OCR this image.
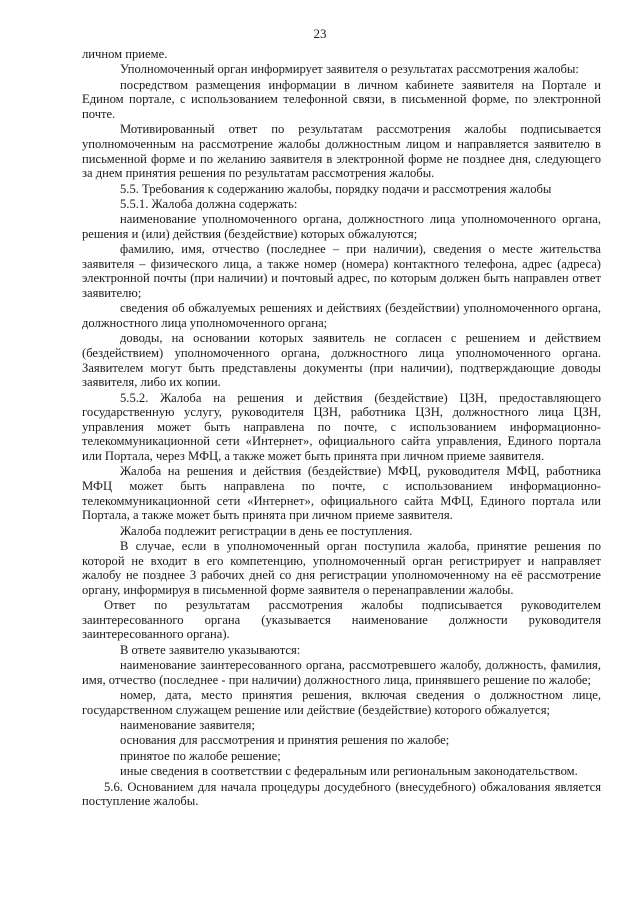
23

личном приеме.

Уполномоченный орган информирует заявителя о результатах рассмотрения жалобы:

посредством размещения информации в личном кабинете заявителя на Портале и Едином портале, с использованием телефонной связи, в письменной форме, по электронной почте.

Мотивированный ответ по результатам рассмотрения жалобы подписывается уполномоченным на рассмотрение жалобы должностным лицом и направляется заявителю в письменной форме и по желанию заявителя в электронной форме не позднее дня, следующего за днем принятия решения по результатам рассмотрения жалобы.

5.5. Требования к содержанию жалобы, порядку подачи и рассмотрения жалобы

5.5.1. Жалоба должна содержать:

наименование уполномоченного органа, должностного лица уполномоченного органа, решения и (или) действия (бездействие) которых обжалуются;

фамилию, имя, отчество (последнее – при наличии), сведения о месте жительства заявителя – физического лица, а также номер (номера) контактного телефона, адрес (адреса) электронной почты (при наличии) и почтовый адрес, по которым должен быть направлен ответ заявителю;

сведения об обжалуемых решениях и действиях (бездействии) уполномоченного органа, должностного лица уполномоченного органа;

доводы, на основании которых заявитель не согласен с решением и действием (бездействием) уполномоченного органа, должностного лица уполномоченного органа. Заявителем могут быть представлены документы (при наличии), подтверждающие доводы заявителя, либо их копии.

5.5.2. Жалоба на решения и действия (бездействие) ЦЗН, предоставляющего государственную услугу, руководителя ЦЗН, работника ЦЗН, должностного лица ЦЗН, управления может быть направлена по почте, с использованием информационно-телекоммуникационной сети «Интернет», официального сайта управления, Единого портала или Портала, через МФЦ, а также может быть принята при личном приеме заявителя.

Жалоба на решения и действия (бездействие) МФЦ, руководителя МФЦ, работника МФЦ может быть направлена по почте, с использованием информационно-телекоммуникационной сети «Интернет», официального сайта МФЦ, Единого портала или Портала, а также может быть принята при личном приеме заявителя.

Жалоба подлежит регистрации в день ее поступления.

В случае, если в уполномоченный орган поступила жалоба, принятие решения по которой не входит в его компетенцию, уполномоченный орган регистрирует и направляет жалобу не позднее 3 рабочих дней со дня регистрации уполномоченному на её рассмотрение органу, информируя в письменной форме заявителя о перенаправлении жалобы.

Ответ по результатам рассмотрения жалобы подписывается руководителем заинтересованного органа (указывается наименование должности руководителя заинтересованного органа).

В ответе заявителю указываются:

наименование заинтересованного органа, рассмотревшего жалобу, должность, фамилия, имя, отчество (последнее - при наличии) должностного лица, принявшего решение по жалобе;

номер, дата, место принятия решения, включая сведения о должностном лице, государственном служащем решение или действие (бездействие) которого обжалуется;

наименование заявителя;

основания для рассмотрения и принятия решения по жалобе;

принятое по жалобе решение;

иные сведения в соответствии с федеральным или региональным законодательством.

5.6. Основанием для начала процедуры досудебного (внесудебного) обжалования является поступление жалобы.
